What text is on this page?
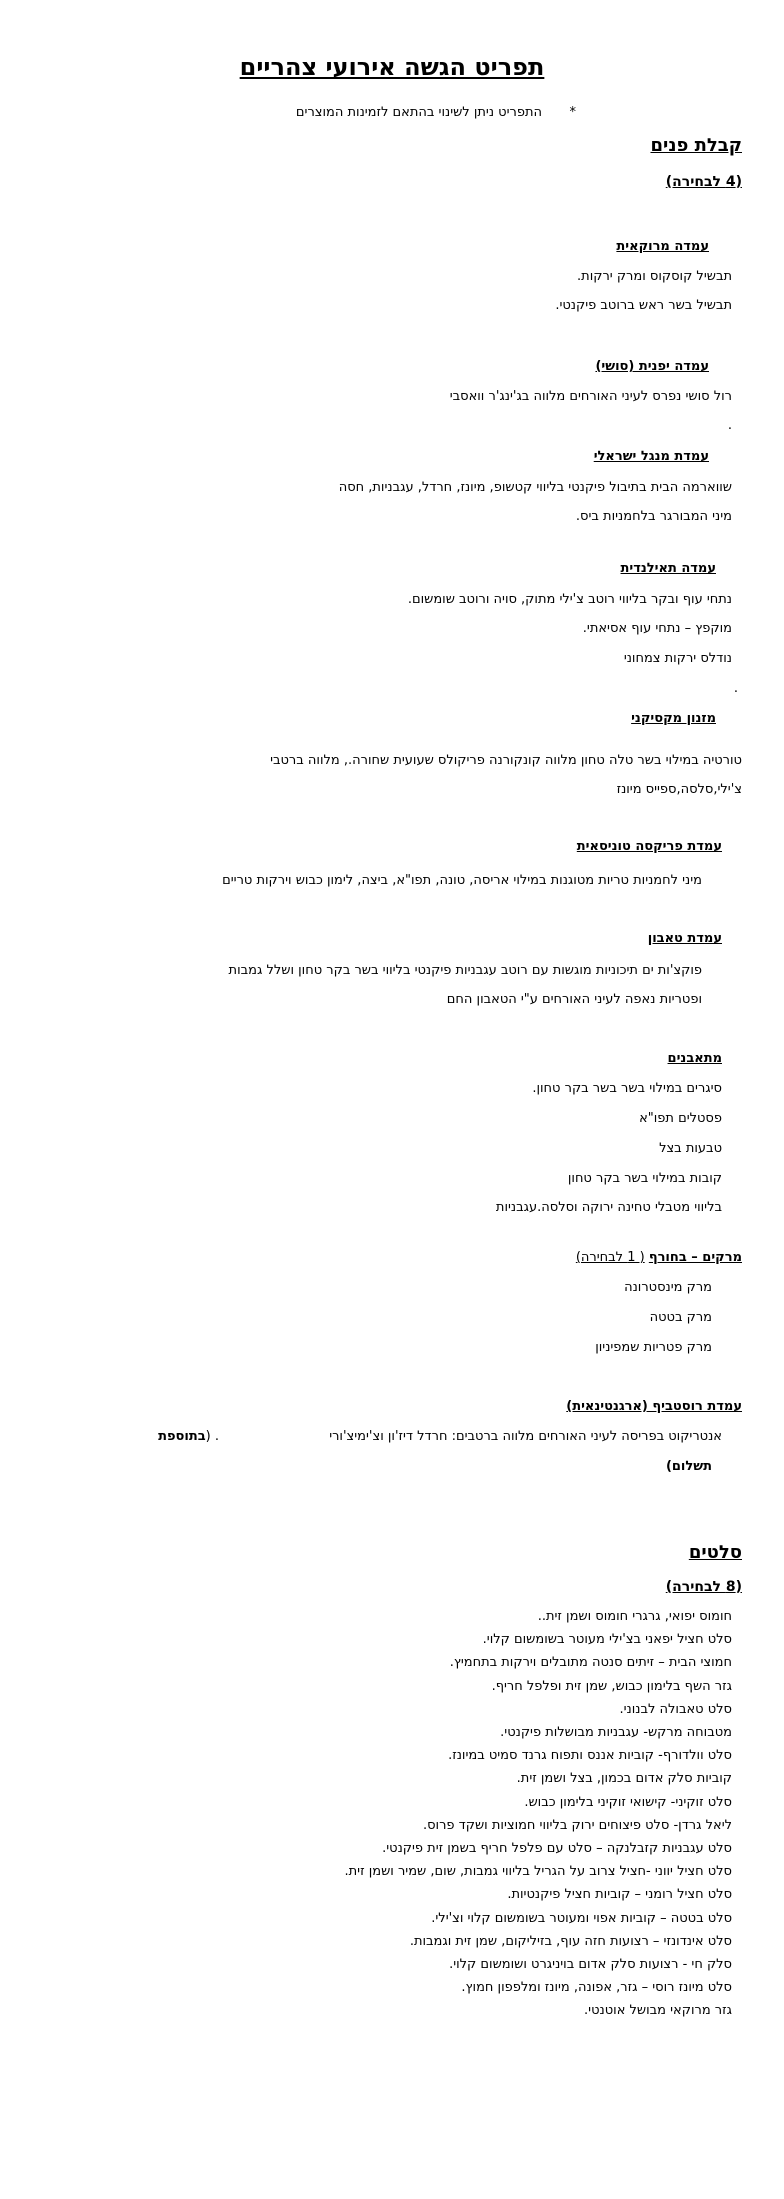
תפריט הגשה אירועי צהריים
*
התפריט ניתן לשינוי בהתאם לזמינות המוצרים
קבלת פנים
(4 לבחירה)
עמדה מרוקאית
תבשיל קוסקוס ומרק ירקות.
תבשיל בשר ראש ברוטב פיקנטי.
עמדה יפנית (סושי)
רול סושי נפרס לעיני האורחים מלווה בג'ינג'ר וואסבי
.
עמדת מנגל ישראלי
שווארמה הבית בתיבול פיקנטי בליווי קטשופ, מיונז, חרדל, עגבניות, חסה
מיני המבורגר בלחמניות ביס.
עמדה תאילנדית
נתחי עוף ובקר בליווי רוטב צ'ילי מתוק, סויה ורוטב שומשום.
מוקפץ – נתחי עוף אסיאתי.
נודלס ירקות צמחוני
.
מזנון מקסיקני
טורטיה במילוי בשר טלה טחון מלווה קונקורנה פריקולס שעועית שחורה., מלווה ברטבי
צ'ילי,סלסה,ספייס מיונז
עמדת פריקסה טוניסאית
מיני לחמניות טריות מטוגנות במילוי אריסה, טונה, תפו"א, ביצה, לימון כבוש וירקות טריים
עמדת טאבון
פוקצ'ות ים תיכוניות מוגשות עם רוטב עגבניות פיקנטי בליווי בשר בקר טחון ושלל גמבות
ופטריות נאפה לעיני האורחים ע"י הטאבון החם
מתאבנים
סיגרים במילוי בשר בשר בקר טחון.
פסטלים תפו"א
טבעות בצל
קובות במילוי בשר בקר טחון
בליווי מטבלי טחינה ירוקה וסלסה.עגבניות
מרקים – בחורף ( 1 לבחירה)
מרק מינסטרונה
מרק בטטה
מרק פטריות שמפיניון
עמדת רוסטביף (ארגנטינאית)
אנטריקוט בפריסה לעיני האורחים מלווה ברטבים: חרדל דיז'ון וצ'ימיצ'ורי
. (בתוספת
תשלום)
סלטים
(8 לבחירה)
חומוס יפואי, גרגרי חומוס ושמן זית..
סלט חציל יפאני בצ'ילי מעוטר בשומשום קלוי.
חמוצי הבית – זיתים סנטה מתובלים וירקות בתחמיץ.
גזר השף בלימון כבוש, שמן זית ופלפל חריף.
סלט טאבולה לבנוני.
מטבוחה מרקש- עגבניות מבושלות פיקנטי.
סלט וולדורף- קוביות אננס ותפוח גרנד סמיט במיונז.
קוביות סלק אדום בכמון, בצל ושמן זית.
סלט זוקיני- קישואי זוקיני בלימון כבוש.
ליאל גרדן- סלט פיצוחים ירוק בליווי חמוציות ושקד פרוס.
סלט עגבניות קזבלנקה – סלט עם פלפל חריף בשמן זית פיקנטי.
סלט חציל יווני -חציל צרוב על הגריל בליווי גמבות, שום, שמיר ושמן זית.
סלט חציל רומני – קוביות חציל פיקנטיות.
סלט בטטה – קוביות אפוי ומעוטר בשומשום קלוי וצ'ילי.
סלט אינדונזי – רצועות חזה עוף, בזיליקום, שמן זית וגמבות.
סלק חי - רצועות סלק אדום בויניגרט ושומשום קלוי.
סלט מיונז רוסי – גזר, אפונה, מיונז ומלפפון חמוץ.
גזר מרוקאי מבושל אוטנטי.
